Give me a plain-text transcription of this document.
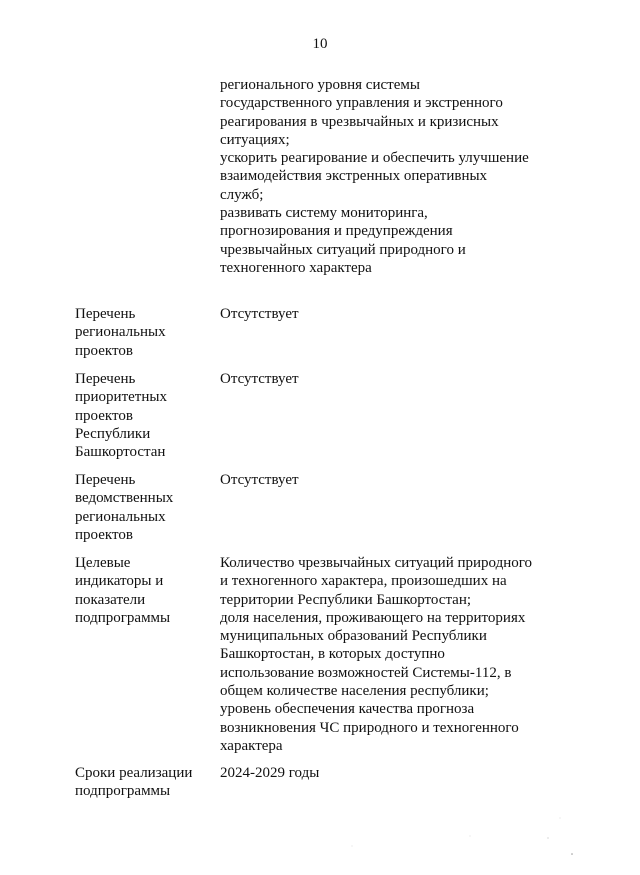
10
регионального уровня системы
государственного управления и экстренного
реагирования в чрезвычайных и кризисных
ситуациях;
ускорить реагирование и обеспечить улучшение
взаимодействия экстренных оперативных
служб;
развивать систему мониторинга,
прогнозирования и предупреждения
чрезвычайных ситуаций природного и
техногенного характера
Перечень
региональных
проектов
Отсутствует
Перечень
приоритетных
проектов
Республики
Башкортостан
Отсутствует
Перечень
ведомственных
региональных
проектов
Отсутствует
Целевые
индикаторы и
показатели
подпрограммы
Количество чрезвычайных ситуаций природного
и техногенного характера, произошедших на
территории Республики Башкортостан;
доля населения, проживающего на территориях
муниципальных образований Республики
Башкортостан, в которых доступно
использование возможностей Системы-112, в
общем количестве населения республики;
уровень обеспечения качества прогноза
возникновения ЧС природного и техногенного
характера
Сроки реализации
подпрограммы
2024-2029 годы
